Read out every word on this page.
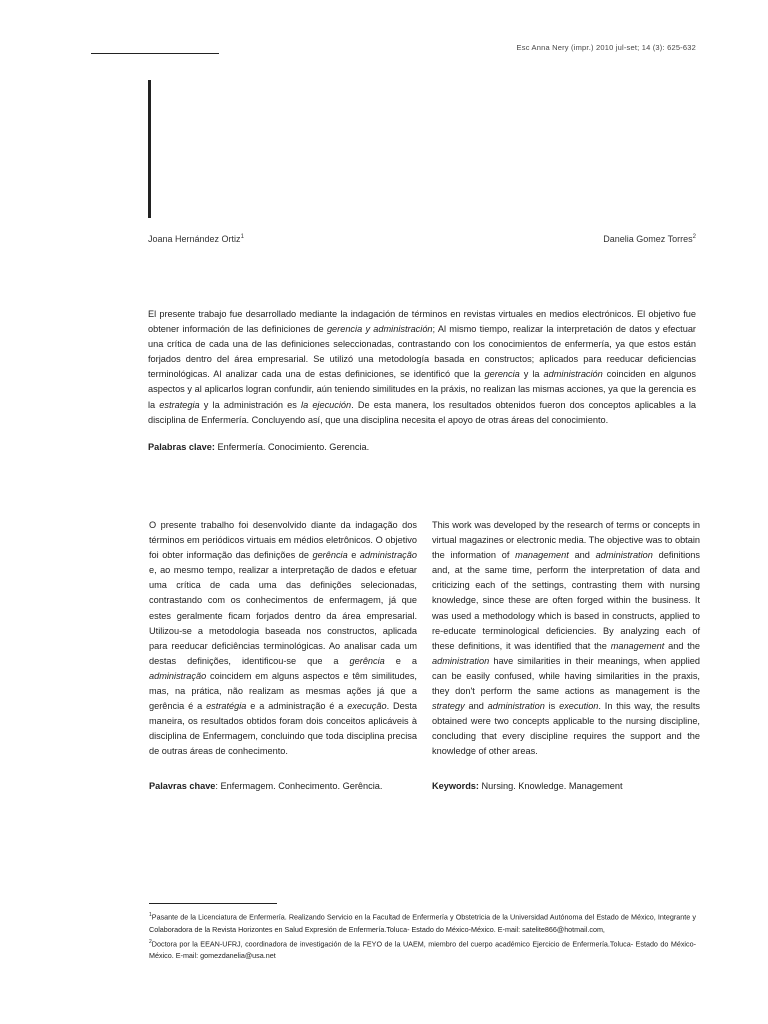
Esc Anna Nery (impr.) 2010 jul-set; 14 (3): 625-632
Joana Hernández Ortiz$^1$	Danelia Gomez Torres$^2$
El presente trabajo fue desarrollado mediante la indagación de términos en revistas virtuales en medios electrónicos. El objetivo fue obtener información de las definiciones de gerencia y administración; Al mismo tiempo, realizar la interpretación de datos y efectuar una crítica de cada una de las definiciones seleccionadas, contrastando con los conocimientos de enfermería, ya que estos están forjados dentro del área empresarial. Se utilizó una metodología basada en constructos; aplicados para reeducar deficiencias terminológicas. Al analizar cada una de estas definiciones, se identificó que la gerencia y la administración coinciden en algunos aspectos y al aplicarlos logran confundir, aún teniendo similitudes en la práxis, no realizan las mismas acciones, ya que la gerencia es la estrategia y la administración es la ejecución. De esta manera, los resultados obtenidos fueron dos conceptos aplicables a la disciplina de Enfermería. Concluyendo así, que una disciplina necesita el apoyo de otras áreas del conocimiento.
Palabras clave: Enfermería. Conocimiento. Gerencia.
O presente trabalho foi desenvolvido diante da indagação dos términos em periódicos virtuais em médios eletrônicos. O objetivo foi obter informação das definições de gerência e administração e, ao mesmo tempo, realizar a interpretação de dados e efetuar uma crítica de cada uma das definições selecionadas, contrastando com os conhecimentos de enfermagem, já que estes geralmente ficam forjados dentro da área empresarial. Utilizou-se a metodologia baseada nos constructos, aplicada para reeducar deficiências terminológicas. Ao analisar cada um destas definições, identificou-se que a gerência e a administração coincidem em alguns aspectos e têm similitudes, mas, na prática, não realizam as mesmas ações já que a gerência é a estratégia e a administração é a execução. Desta maneira, os resultados obtidos foram dois conceitos aplicáveis à disciplina de Enfermagem, concluindo que toda disciplina precisa de outras áreas de conhecimento.
This work was developed by the research of terms or concepts in virtual magazines or electronic media. The objective was to obtain the information of management and administration definitions and, at the same time, perform the interpretation of data and criticizing each of the settings, contrasting them with nursing knowledge, since these are often forged within the business. It was used a methodology which is based in constructs, applied to re-educate terminological deficiencies. By analyzing each of these definitions, it was identified that the management and the administration have similarities in their meanings, when applied can be easily confused, while having similarities in the praxis, they don't perform the same actions as management is the strategy and administration is execution. In this way, the results obtained were two concepts applicable to the nursing discipline, concluding that every discipline requires the support and the knowledge of other areas.
Palavras chave: Enfermagem. Conhecimento. Gerência.	Keywords: Nursing. Knowledge. Management
$^1$Pasante de la Licenciatura de Enfermería. Realizando Servicio en la Facultad de Enfermería y Obstetricia de la Universidad Autónoma del Estado de México, Integrante y Colaboradora de la Revista Horizontes en Salud Expresión de Enfermería.Toluca- Estado do México-México. E-mail: satelite866@hotmail.com,
$^2$Doctora por la EEAN-UFRJ, coordinadora de investigación de la FEYO de la UAEM, miembro del cuerpo académico Ejercicio de Enfermería.Toluca- Estado do México- México. E-mail: gomezdanelia@usa.net
